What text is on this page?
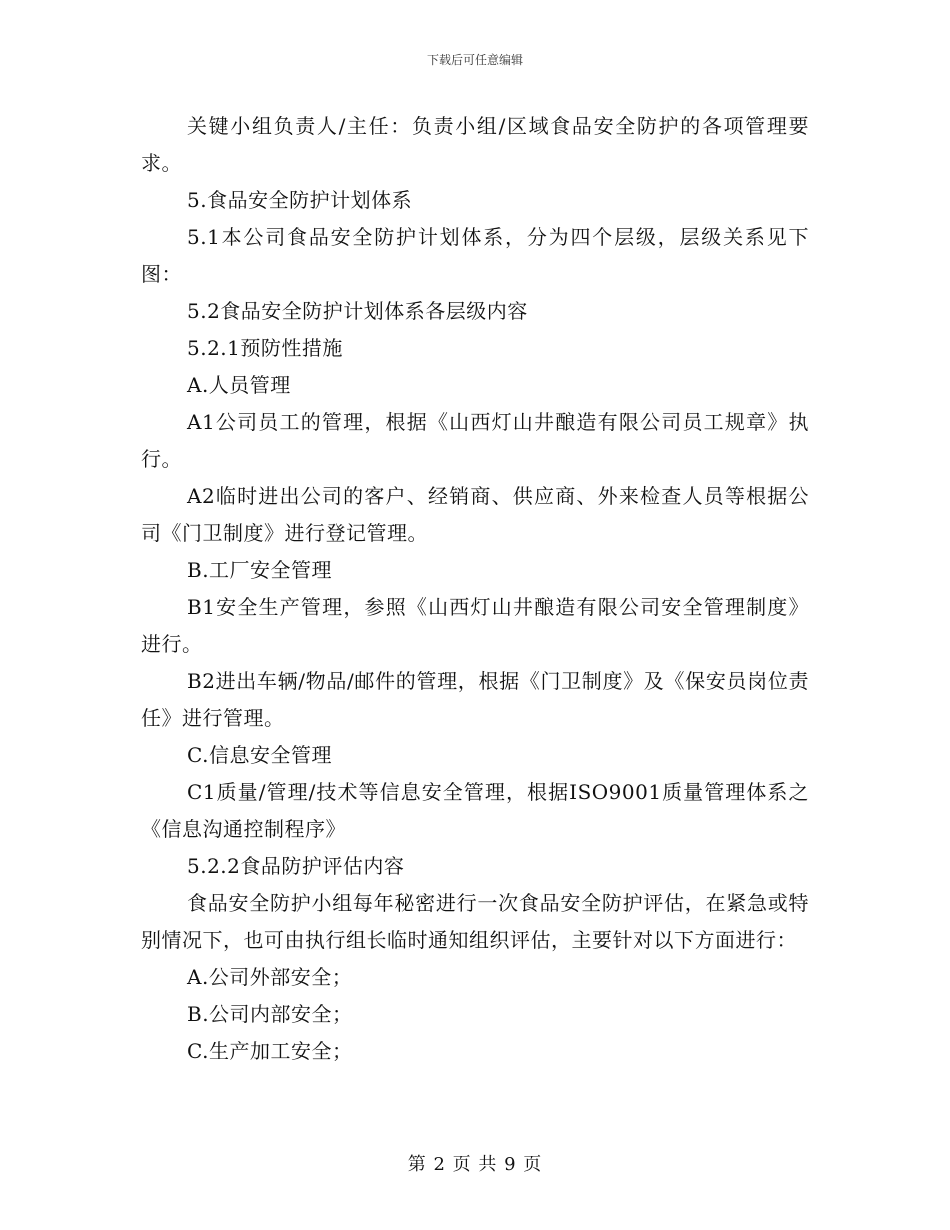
下载后可任意编辑

关键小组负责人/主任：负责小组/区域食品安全防护的各项管理要求。

5.食品安全防护计划体系

5.1本公司食品安全防护计划体系，分为四个层级，层级关系见下图：

5.2食品安全防护计划体系各层级内容

5.2.1预防性措施

A.人员管理

A1公司员工的管理，根据《山西灯山井酿造有限公司员工规章》执行。

A2临时进出公司的客户、经销商、供应商、外来检查人员等根据公司《门卫制度》进行登记管理。

B.工厂安全管理

B1安全生产管理，参照《山西灯山井酿造有限公司安全管理制度》进行。

B2进出车辆/物品/邮件的管理，根据《门卫制度》及《保安员岗位责任》进行管理。

C.信息安全管理

C1质量/管理/技术等信息安全管理，根据ISO9001质量管理体系之《信息沟通控制程序》

5.2.2食品防护评估内容

食品安全防护小组每年秘密进行一次食品安全防护评估，在紧急或特别情况下，也可由执行组长临时通知组织评估，主要针对以下方面进行：

A.公司外部安全；

B.公司内部安全；

C.生产加工安全；

第 2 页 共 9 页
